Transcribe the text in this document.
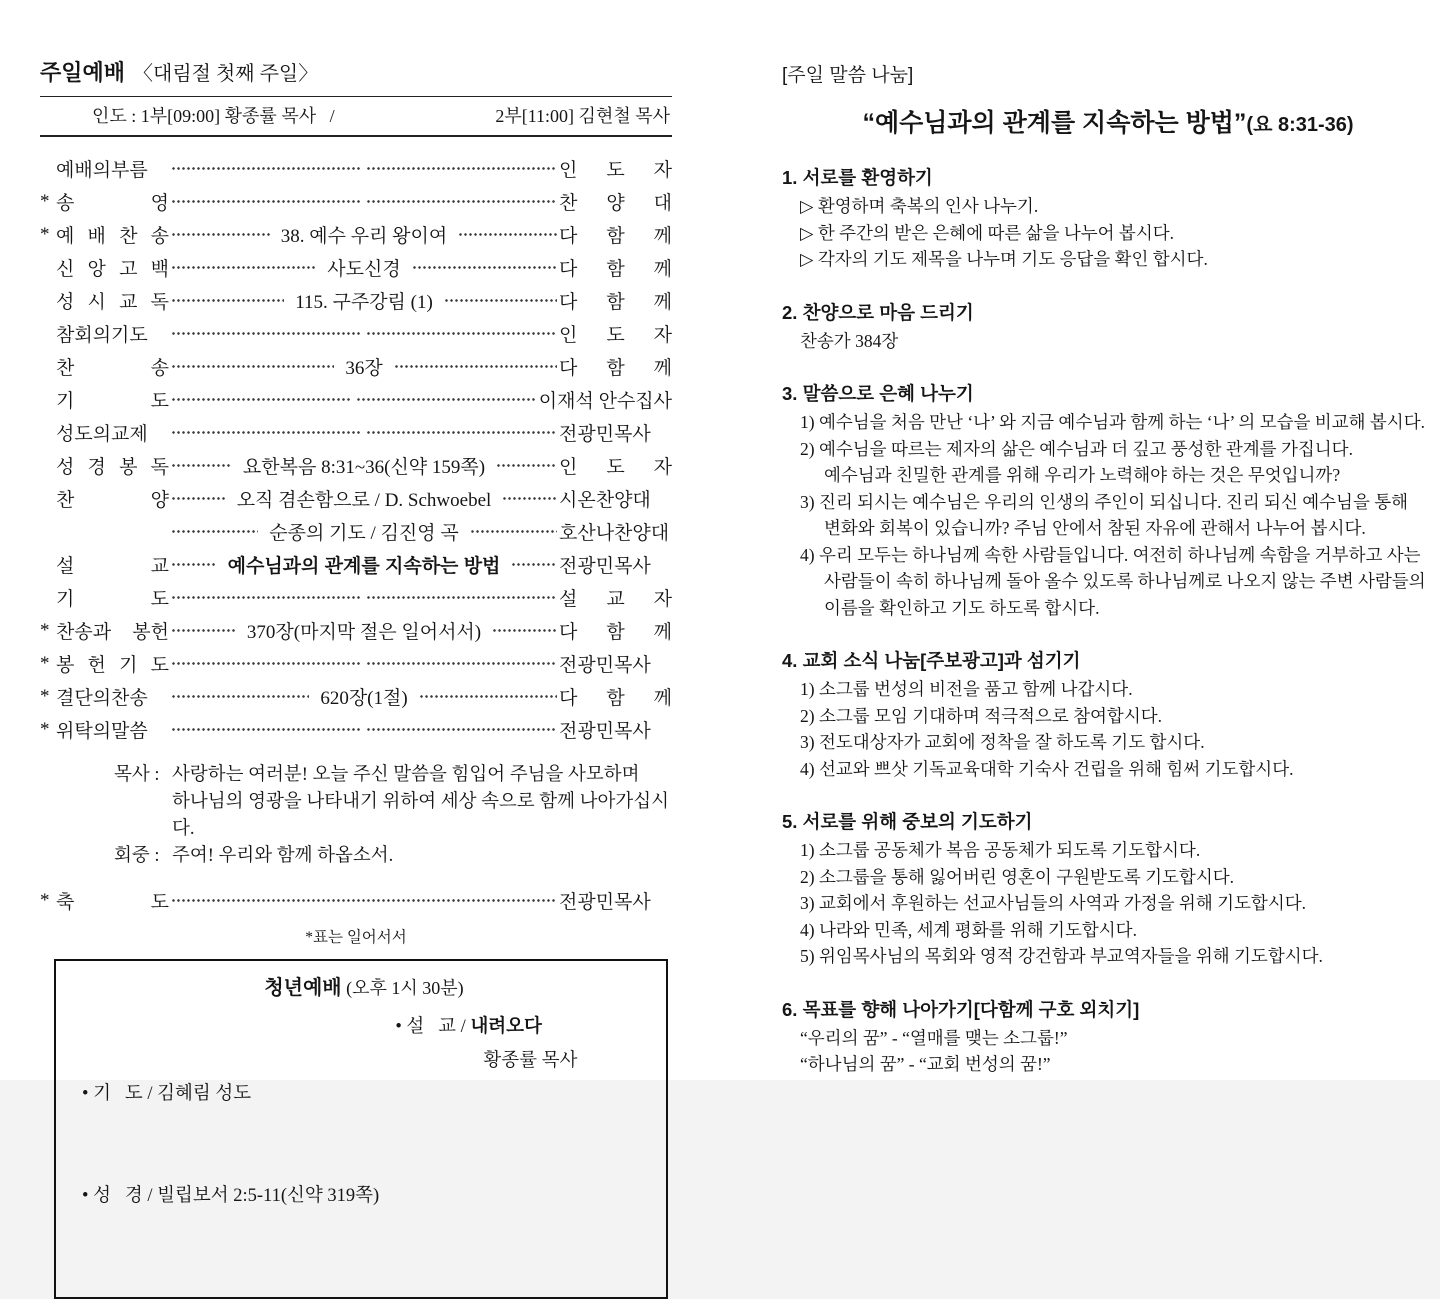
주일예배 〈대림절 첫째 주일〉
인도 : 1부[09:00] 황종률 목사   /	2부[11:00] 김현철 목사
예배의부름	인 도 자
* 송 영	찬 양 대
* 예 배 찬 송	38. 예수 우리 왕이여	다 함 께
신 앙 고 백	사도신경	다 함 께
성 시 교 독	115. 구주강림 (1)	다 함 께
참회의기도	인 도 자
찬 송	36장	다 함 께
기 도	이재석 안수집사
성도의교제	전광민목사
성 경 봉 독	요한복음 8:31~36(신약 159쪽)	인 도 자
찬 양	오직 겸손함으로 / D. Schwoebel	시온찬양대
순종의 기도 / 김진영 곡	호산나찬양대
설 교	예수님과의 관계를 지속하는 방법	전광민목사
기 도	설 교 자
* 찬송과 봉헌	370장(마지막 절은 일어서서)	다 함 께
* 봉 헌 기 도	전광민목사
* 결단의찬송	620장(1절)	다 함 께
* 위탁의말씀	전광민목사
목사 : 사랑하는 여러분! 오늘 주신 말씀을 힘입어 주님을 사모하며
하나님의 영광을 나타내기 위하여 세상 속으로 함께 나아가십시다.
회중 : 주여! 우리와 함께 하옵소서.
* 축 도	전광민목사
*표는 일어서서
청년예배 (오후 1시 30분)

• 기   도 / 김혜림 성도

• 성   경 / 빌립보서 2:5-11(신약 319쪽)

• 설   교 / 내려오다
황종률 목사
[주일 말씀 나눔]
“예수님과의 관계를 지속하는 방법”(요 8:31-36)
1. 서로를 환영하기
▷ 환영하며 축복의 인사 나누기.
▷ 한 주간의 받은 은혜에 따른 삶을 나누어 봅시다.
▷ 각자의 기도 제목을 나누며 기도 응답을 확인 합시다.
2. 찬양으로 마음 드리기
찬송가 384장
3. 말씀으로 은혜 나누기
1) 예수님을 처음 만난 ‘나’ 와 지금 예수님과 함께 하는 ‘나’ 의 모습을 비교해 봅시다.
2) 예수님을 따르는 제자의 삶은 예수님과 더 깊고 풍성한 관계를 가집니다.
예수님과 친밀한 관계를 위해 우리가 노력해야 하는 것은 무엇입니까?
3) 진리 되시는 예수님은 우리의 인생의 주인이 되십니다. 진리 되신 예수님을 통해
변화와 회복이 있습니까? 주님 안에서 참된 자유에 관해서 나누어 봅시다.
4) 우리 모두는 하나님께 속한 사람들입니다. 여전히 하나님께 속함을 거부하고 사는
사람들이 속히 하나님께 돌아 올수 있도록 하나님께로 나오지 않는 주변 사람들의
이름을 확인하고 기도 하도록 합시다.
4. 교회 소식 나눔[주보광고]과 섬기기
1) 소그룹 번성의 비전을 품고 함께 나갑시다.
2) 소그룹 모임 기대하며 적극적으로 참여합시다.
3) 전도대상자가 교회에 정착을 잘 하도록 기도 합시다.
4) 선교와 쁘삿 기독교육대학 기숙사 건립을 위해 힘써 기도합시다.
5. 서로를 위해 중보의 기도하기
1) 소그룹 공동체가 복음 공동체가 되도록 기도합시다.
2) 소그룹을 통해 잃어버린 영혼이 구원받도록 기도합시다.
3) 교회에서 후원하는 선교사님들의 사역과 가정을 위해 기도합시다.
4) 나라와 민족, 세계 평화를 위해 기도합시다.
5) 위임목사님의 목회와 영적 강건함과 부교역자들을 위해 기도합시다.
6. 목표를 향해 나아가기[다함께 구호 외치기]
“우리의 꿈” - “열매를 맺는 소그룹!”
“하나님의 꿈” - “교회 번성의 꿈!”
